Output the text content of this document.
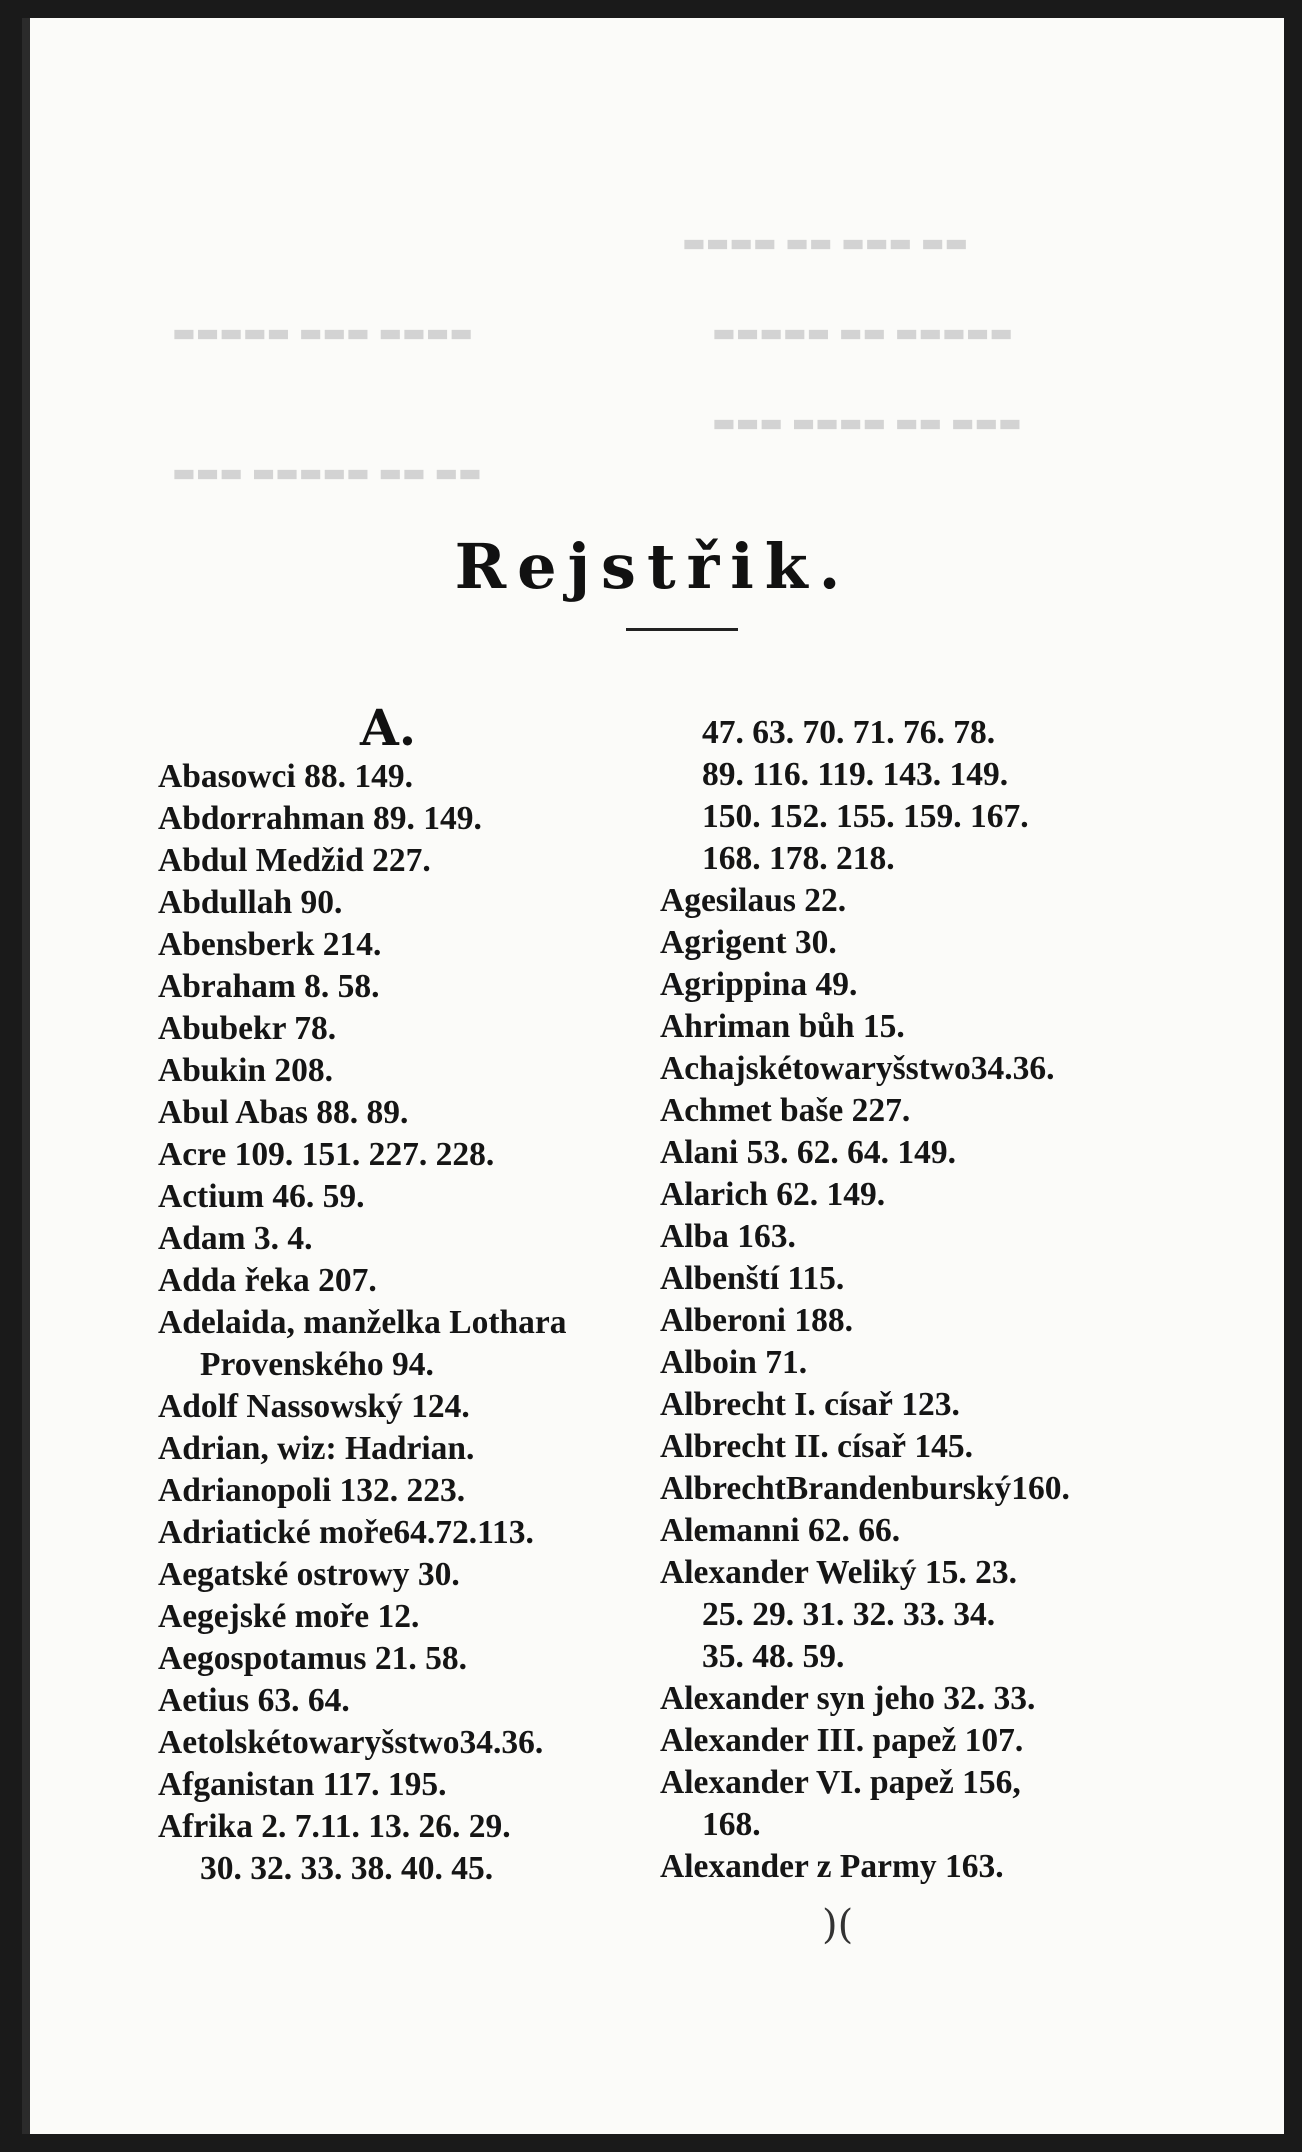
▬▬▬▬ ▬▬ ▬▬▬ ▬▬
▬▬▬▬▬ ▬▬ ▬▬▬▬▬
▬▬▬ ▬▬▬▬ ▬▬ ▬▬▬
▬▬▬▬▬ ▬▬▬ ▬▬▬▬
▬▬▬ ▬▬▬▬▬ ▬▬ ▬▬
Rejstřik.
A.
Abasowci 88. 149.
Abdorrahman 89. 149.
Abdul Medžid 227.
Abdullah 90.
Abensberk 214.
Abraham 8. 58.
Abubekr 78.
Abukin 208.
Abul Abas 88. 89.
Acre 109. 151. 227. 228.
Actium 46. 59.
Adam 3. 4.
Adda řeka 207.
Adelaida, manželka Lothara
Provenského 94.
Adolf Nassowský 124.
Adrian, wiz: Hadrian.
Adrianopoli 132. 223.
Adriatické moře64.72.113.
Aegatské ostrowy 30.
Aegejské moře 12.
Aegospotamus 21. 58.
Aetius 63. 64.
Aetolskétowaryšstwo34.36.
Afganistan 117. 195.
Afrika 2. 7.11. 13. 26. 29.
30. 32. 33. 38. 40. 45.
47. 63. 70. 71. 76. 78.
89. 116. 119. 143. 149.
150. 152. 155. 159. 167.
168. 178. 218.
Agesilaus 22.
Agrigent 30.
Agrippina 49.
Ahriman bůh 15.
Achajskétowaryšstwo34.36.
Achmet baše 227.
Alani 53. 62. 64. 149.
Alarich 62. 149.
Alba 163.
Albenští 115.
Alberoni 188.
Alboin 71.
Albrecht I. císař 123.
Albrecht II. císař 145.
AlbrechtBrandenburský160.
Alemanni 62. 66.
Alexander Weliký 15. 23.
25. 29. 31. 32. 33. 34.
35. 48. 59.
Alexander syn jeho 32. 33.
Alexander III. papež 107.
Alexander VI. papež 156,
168.
Alexander z Parmy 163.
)(
